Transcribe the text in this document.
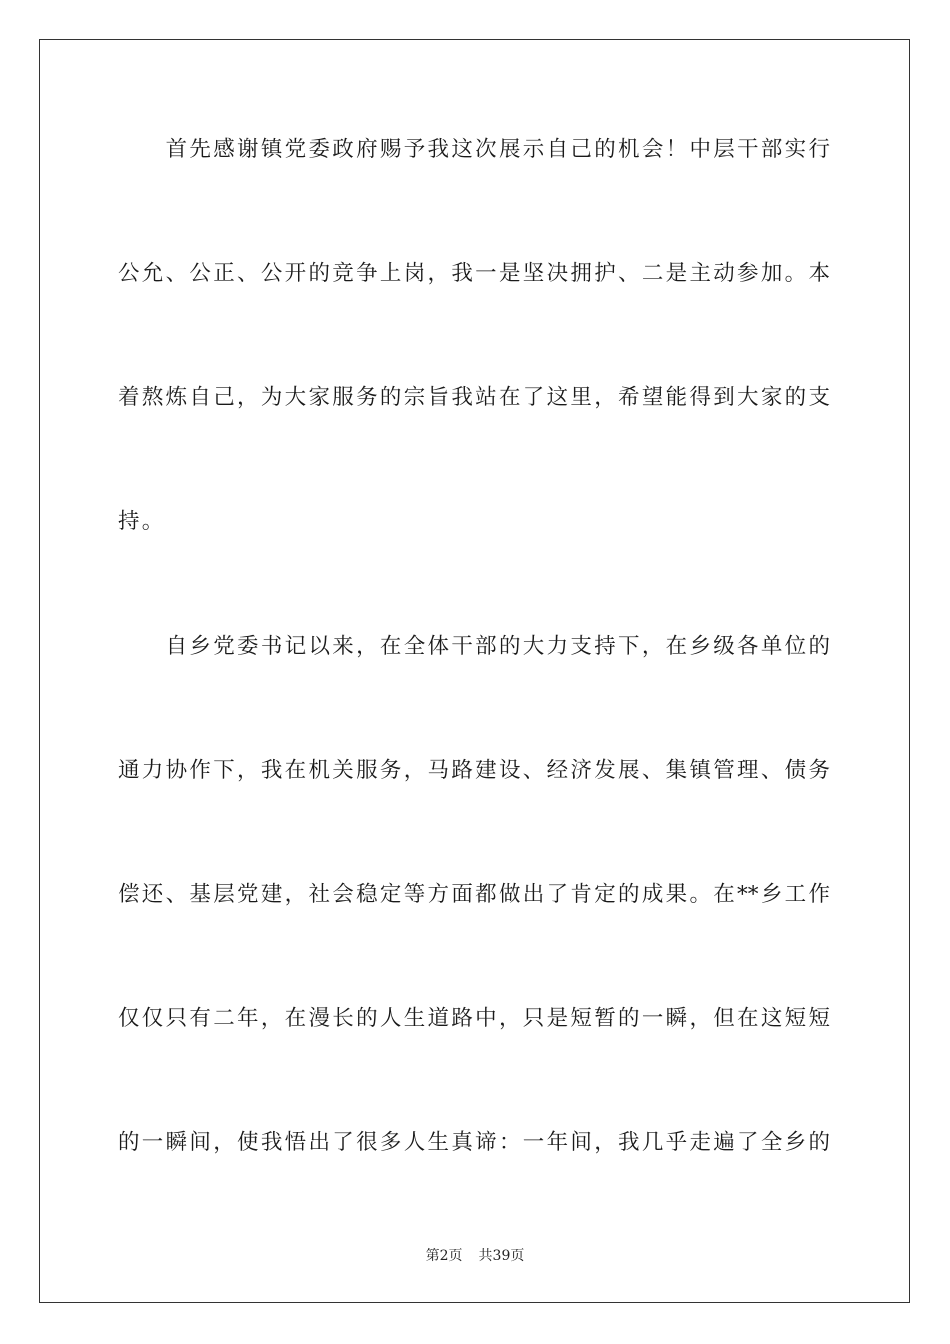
　　首先感谢镇党委政府赐予我这次展示自己的机会！中层干部实行
公允、公正、公开的竞争上岗，我一是坚决拥护、二是主动参加。本
着熬炼自己，为大家服务的宗旨我站在了这里，希望能得到大家的支
持。
　　自乡党委书记以来，在全体干部的大力支持下，在乡级各单位的
通力协作下，我在机关服务，马路建设、经济发展、集镇管理、债务
偿还、基层党建，社会稳定等方面都做出了肯定的成果。在**乡工作
仅仅只有二年，在漫长的人生道路中，只是短暂的一瞬，但在这短短
的一瞬间，使我悟出了很多人生真谛：一年间，我几乎走遍了全乡的
第2页 共39页
